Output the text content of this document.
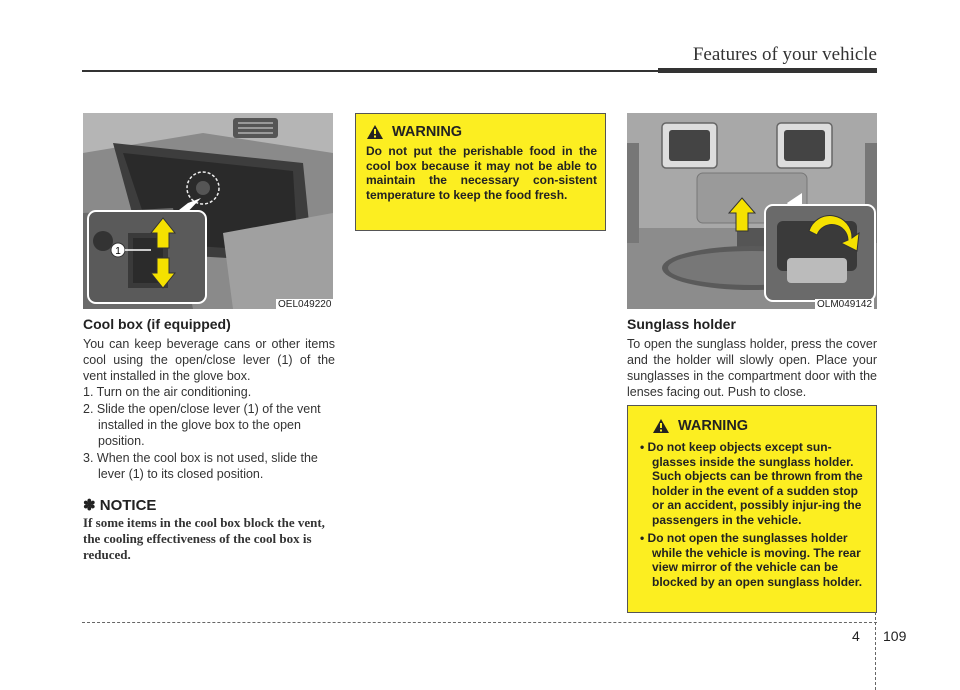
Features of your vehicle
1
OEL049220
Cool box (if equipped)
You can keep beverage cans or other items cool using the open/close lever (1) of the vent installed in the glove box.
1. Turn on the air conditioning.
2. Slide the open/close lever (1) of the vent installed in the glove box to the open position.
3. When the cool box is not used, slide the lever (1) to its closed position.
✽ NOTICE
If some items in the cool box block the vent, the cooling effectiveness of the cool box is reduced.
WARNING
Do not put the perishable food in the cool box because it may not be able to maintain the necessary con-sistent temperature to keep the food fresh.
OLM049142
Sunglass holder
To open the sunglass holder, press the cover and the holder will slowly open. Place your sunglasses in the compartment door with the lenses facing out. Push to close.
WARNING
• Do not keep objects except sun-glasses inside the sunglass holder. Such objects can be thrown from the holder in the event of a sudden stop or an accident, possibly injur-ing the passengers in the vehicle.
• Do not open the sunglasses holder while the vehicle is moving. The rear view mirror of the vehicle can be blocked by an open sunglass holder.
4 109
